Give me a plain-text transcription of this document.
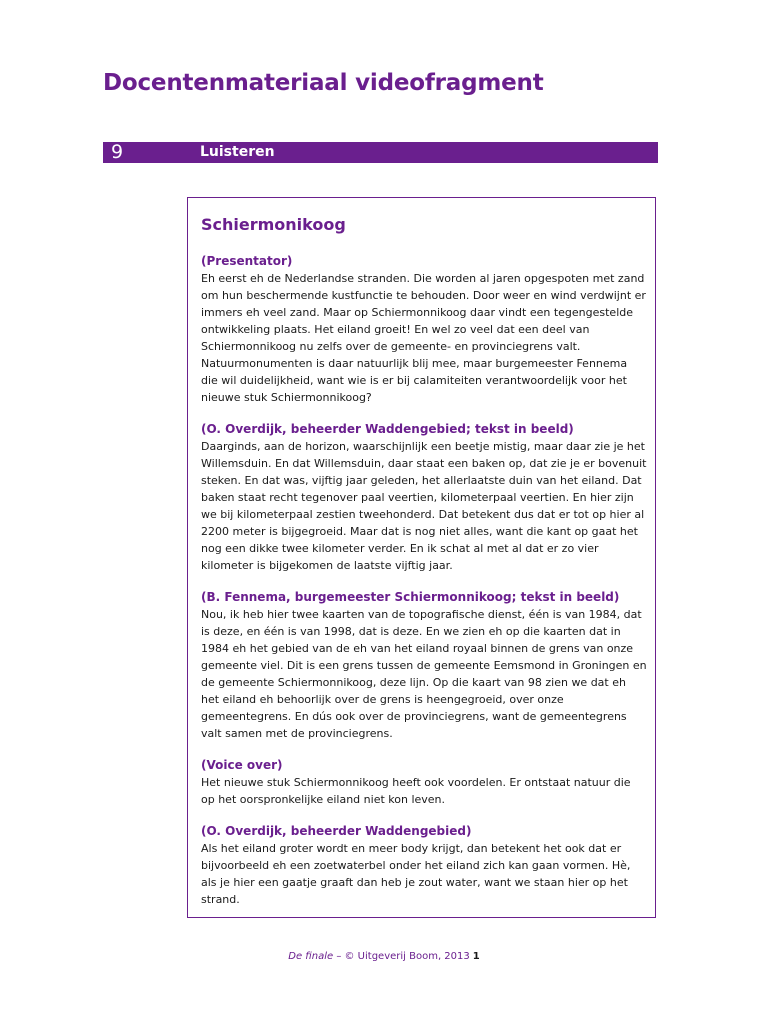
Docentenmateriaal videofragment
9	Luisteren
Schiermonikoog

(Presentator)

Eh eerst eh de Nederlandse stranden. Die worden al jaren opgespoten met zand om hun beschermende kustfunctie te behouden. Door weer en wind verdwijnt er immers eh veel zand. Maar op Schiermonnikoog daar vindt een tegengestelde ontwikkeling plaats. Het eiland groeit! En wel zo veel dat een deel van Schiermonnikoog nu zelfs over de gemeente- en provinciegrens valt. Natuurmonumenten is daar natuurlijk blij mee, maar burgemeester Fennema die wil duidelijkheid, want wie is er bij calamiteiten verantwoordelijk voor het nieuwe stuk Schiermonnikoog?

(O. Overdijk, beheerder Waddengebied; tekst in beeld)

Daarginds, aan de horizon, waarschijnlijk een beetje mistig, maar daar zie je het Willemsduin. En dat Willemsduin, daar staat een baken op, dat zie je er bovenuit steken. En dat was, vijftig jaar geleden, het allerlaatste duin van het eiland. Dat baken staat recht tegenover paal veertien, kilometerpaal veertien. En hier zijn we bij kilometerpaal zestien tweehonderd. Dat betekent dus dat er tot op hier al 2200 meter is bijgegroeid. Maar dat is nog niet alles, want die kant op gaat het nog een dikke twee kilometer verder. En ik schat al met al dat er zo vier kilometer is bijgekomen de laatste vijftig jaar.

(B. Fennema, burgemeester Schiermonnikoog; tekst in beeld)

Nou, ik heb hier twee kaarten van de topografische dienst, één is van 1984, dat is deze, en één is van 1998, dat is deze. En we zien eh op die kaarten dat in 1984 eh het gebied van de eh van het eiland royaal binnen de grens van onze gemeente viel. Dit is een grens tussen de gemeente Eemsmond in Groningen en de gemeente Schiermonnikoog, deze lijn. Op die kaart van 98 zien we dat eh het eiland eh behoorlijk over de grens is heengegroeid, over onze gemeentegrens. En dús ook over de provinciegrens, want de gemeentegrens valt samen met de provinciegrens.

(Voice over)

Het nieuwe stuk Schiermonnikoog heeft ook voordelen. Er ontstaat natuur die op het oorspronkelijke eiland niet kon leven.

(O. Overdijk, beheerder Waddengebied)

Als het eiland groter wordt en meer body krijgt, dan betekent het ook dat er bijvoorbeeld eh een zoetwaterbel onder het eiland zich kan gaan vormen. Hè, als je hier een gaatje graaft dan heb je zout water, want we staan hier op het strand.

De finale – © Uitgeverij Boom, 2013 1
